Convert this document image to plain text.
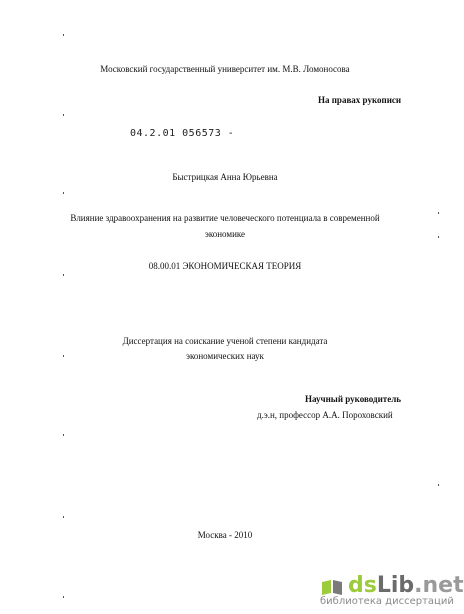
Московский государственный университет им. М.В. Ломоносова
На правах рукописи
04.2.01 056573 -
Быстрицкая Анна Юрьевна
Влияние здравоохранения на развитие человеческого потенциала в современной
экономике
08.00.01 ЭКОНОМИЧЕСКАЯ ТЕОРИЯ
Диссертация на соискание ученой степени кандидата
экономических наук
Научный руководитель
д.э.н, профессор А.А. Пороховский
Москва - 2010
dsLib.net
библиотека диссертаций
